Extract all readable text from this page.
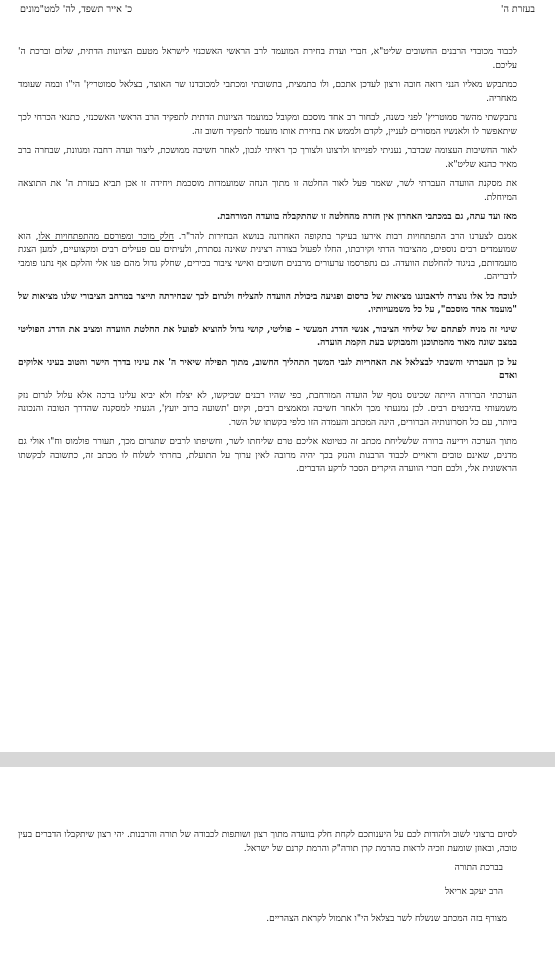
בעזרת ה'
כ' אייר תשפד, לה' למט"מונים
לכבוד מכובדי הרבנים החשובים שליט"א, חברי ועדת בחירת המועמד לרב הראשי האשכנזי לישראל מטעם הציונות הדתית, שלום וברכת ה' עליכם.
כמתבקש מאליו הנני רואה חובה ורצון לעדכן אתכם, ולו בתמצית, בתשובתי ומכתבי למכובדנו שר האוצר, בצלאל סמוטריץ' הי"ו ובמה שעומד מאחריה.
נתבקשתי מהשר סמוטריץ' לפני כשנה, לבחור רב אחד מוסכם ומקובל כמועמד הציונות הדתית לתפקיד הרב הראשי האשכנזי, כתנאי הכרחי לכך שיתאפשר לו ולאנשיו המסורים לעניין, לקדם ולממש את בחירת אותו מועמד לתפקיד חשוב זה.
לאור החשיבות העצומה שבדבר, נעניתי לפנייתו ולרצונו ולצורך כך ראיתי לנכון, לאחר חשיבה ממושכת, ליצור ועדה רחבה ומגוונת, שבחרה ברב מאיר כהנא שליט"א.
את מסקנת הוועדה העברתי לשר, שאמר פעל לאור החלטה זו מתוך הנחה שמועמדות מוסכמת ויחידה זו אכן תביא בעזרת ה' את התוצאה המיוחלת.
מאז ועד עתה, גם במכתבי האחרון אין חזרה מהחלטה זו שהתקבלה בוועדה המורחבת.
אמנם לצערנו הרב התפתחויות רבות אירעו בעיקר בתקופה האחרונה בנושא הבחירות להר"ר. חלק מוכר ומפורסם מהתפתחויות אלו, הוא שמועמדים רבים נוספים, מהציבור הדתי וקירבתו, החלו לפעול בצורה רצינית שאינה נסתרת, ולעיתים עם פעילים רבים ומקצועיים, למען הצגת מועמדותם, בניגוד להחלטת הוועדה. גם נתפרסמו ערעורים מרבנים חשובים ואישי ציבור בכירים, שחלק גדול מהם פנו אלי והלקם אף נתנו פומבי לדבריהם.
לנוכח כל אלו נוצרה לדאבוננו מציאות של כרסום ופגיעה ביכולת הוועדה להצליח ולגרום לכך שבחירתה תייצר במרחב הציבורי שלנו מציאות של "מועמד אחד מוסכם", על כל משמעויותיו.
שינוי זה מניח לפתחם של שליחי הציבור, אנשי הדרג המעשי – פוליטי, קושי גדול להוציא לפועל את החלטת הוועדה ומציב את הדרג הפוליטי במצב שונה מאוד מהמתוכנן והמבוקש בעת הקמת הועדה.
על כן העברתי והשבתי לבצלאל את האחריות לגבי המשך התהליך החשוב, מתוך תפילה שיאיר ה' את עיניו בדרך הישר והטוב בעיני אלוקים ואדם
הערכתי הברורה הייתה שכינוס נוסף של הועדה המורחבת, כפי שהיו רבנים שביקשו, לא יצלח ולא יביא עלינו ברכה אלא עלול לגרום נזק משמעותי בהיבטים רבים. לכן נמנעתי מכך ולאחר חשיבה ומאמצים רבים, וקיום 'תשועה ברוב יועץ', הגעתי למסקנה שהדרך הטובה והנכונה ביותר, עם כל חסרונותיה הברורים, הינה המכתב והעמדה הזו כלפי בקשתו של השר.
מתוך הערכה וידיעה ברורה שלשליחת מכתב זה כטיוטא אליכם טרם שליחתו לשר, וחשיפתו לרבים שתגרום מכך, תעורר פולמוס וח"ו אולי גם מדנים, שאינם טובים וראויים לכבוד הרבנות והנזק בכך יהיה מרובה לאין ערוך על התועלת, בחרתי לשלוח לו מכתב זה, כתשובה לבקשתו הראשונית אלי, ולכם חברי הוועדה היקרים הסבר לרקע הדברים.
לסיום ברצוני לשוב ולהודות לכם על היענותכם לקחת חלק בוועדה מתוך רצון ושותפות לכבודה של תורה והרבנות. יהי רצון שיתקבלו הדברים בעין טובה, ובאוזן שומעת וזכיה לראות בהרמת קרן תורה"ק והרמת קרנם של ישראל.
בברכת התורה
הרב יעקב אריאל
מצורף בזה המכתב שנשלח לשר בצלאל הי"ו אתמול לקראת הצהריים.
